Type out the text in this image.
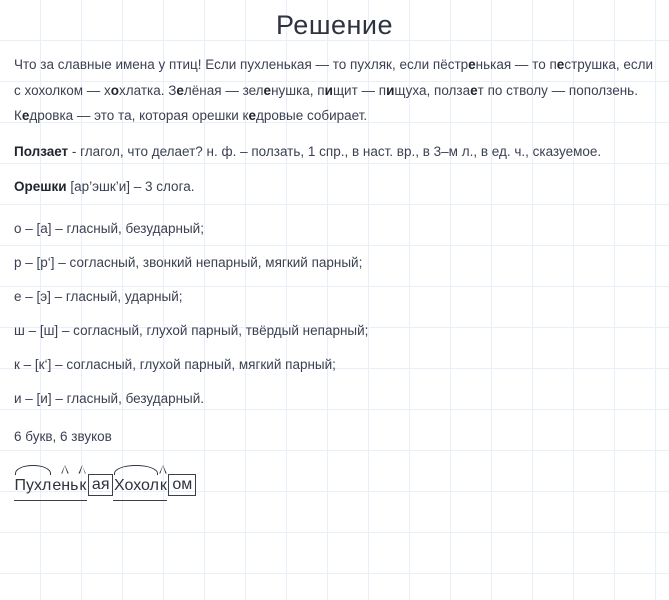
Решение

Что за славные имена у птиц! Если пухленькая — то пухляк, если пёстренькая — то пеструшка, если с хохолком — хохлатка. Зелёная — зеленушка, пищит — пищуха, ползает по стволу — поползень. Кедровка — это та, которая орешки кедровые собирает.

Ползает - глагол, что делает? н. ф. – ползать, 1 спр., в наст. вр., в 3–м л., в ед. ч., сказуемое.

Орешки [ар’эшк’и] – 3 слога.

о – [а] – гласный, безударный;
р – [р‘] – согласный, звонкий непарный, мягкий парный;
е – [э] – гласный, ударный;
ш – [ш] – согласный, глухой парный, твёрдый непарный;
к – [к‘] – согласный, глухой парный, мягкий парный;
и – [и] – гласный, безударный.
6 букв, 6 звуков
Пухл ень к ая Хохол к ом
